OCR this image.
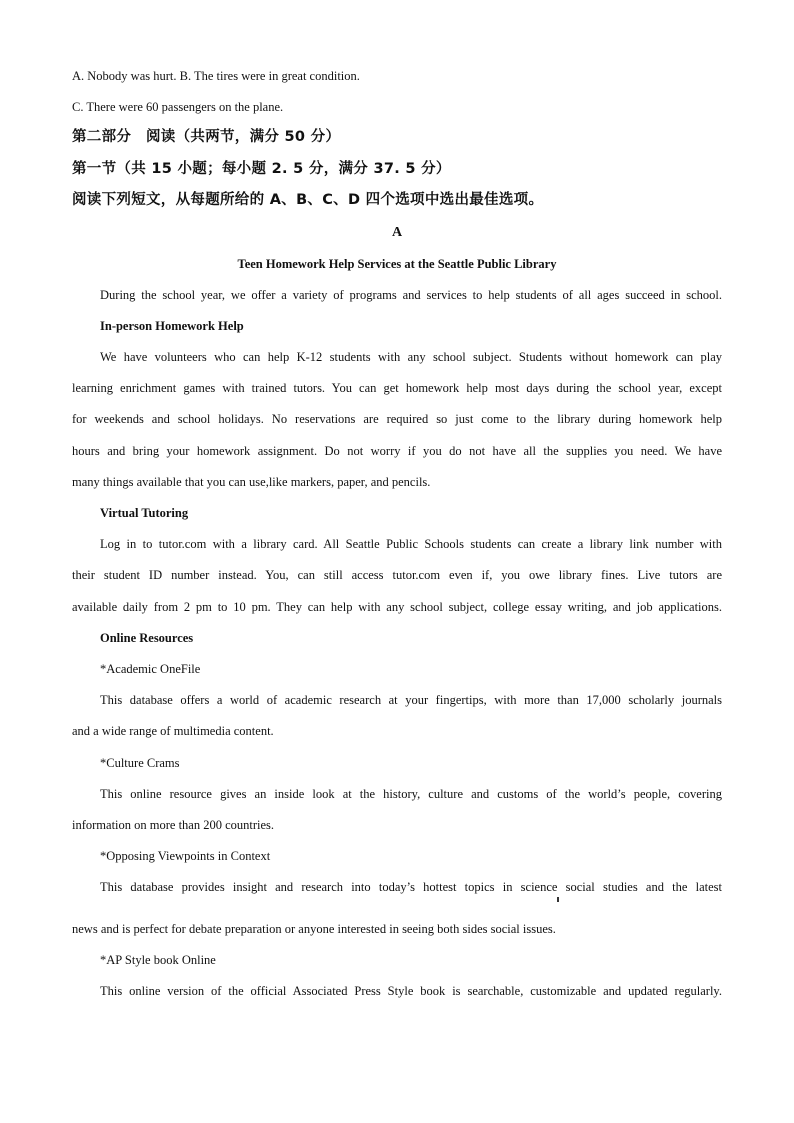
A. Nobody was hurt. B. The tires were in great condition.
C. There were 60 passengers on the plane.
第二部分　阅读（共两节，满分 50 分）
第一节（共 15 小题；每小题 2. 5 分，满分 37. 5 分）
阅读下列短文，从每题所给的 A、B、C、D 四个选项中选出最佳选项。
A
Teen Homework Help Services at the Seattle Public Library
During the school year, we offer a variety of programs and services to help students of all ages succeed in school.
In-person Homework Help
We have volunteers who can help K-12 students with any school subject. Students without homework can play
learning enrichment games with trained tutors. You can get homework help most days during the school year, except
for weekends and school holidays. No reservations are required so just come to the library during homework help
hours and bring your homework assignment. Do not worry if you do not have all the supplies you need. We have
many things available that you can use,like markers, paper, and pencils.
Virtual Tutoring
Log in to tutor.com with a library card. All Seattle Public Schools students can create a library link number with
their student ID number instead. You, can still access tutor.com even if, you owe library fines. Live tutors are
available daily from 2 pm to 10 pm. They can help with any school subject, college essay writing, and job applications.
Online Resources
*Academic OneFile
This database offers a world of academic research at your fingertips, with more than 17,000 scholarly journals
and a wide range of multimedia content.
*Culture Crams
This online resource gives an inside look at the history, culture and customs of the world’s people, covering
information on more than 200 countries.
*Opposing Viewpoints in Context
This database provides insight and research into today’s hottest topics in science social studies and the latest
news and is perfect for debate preparation or anyone interested in seeing both sides social issues.
*AP Style book Online
This online version of the official Associated Press Style book is searchable, customizable and updated regularly.
